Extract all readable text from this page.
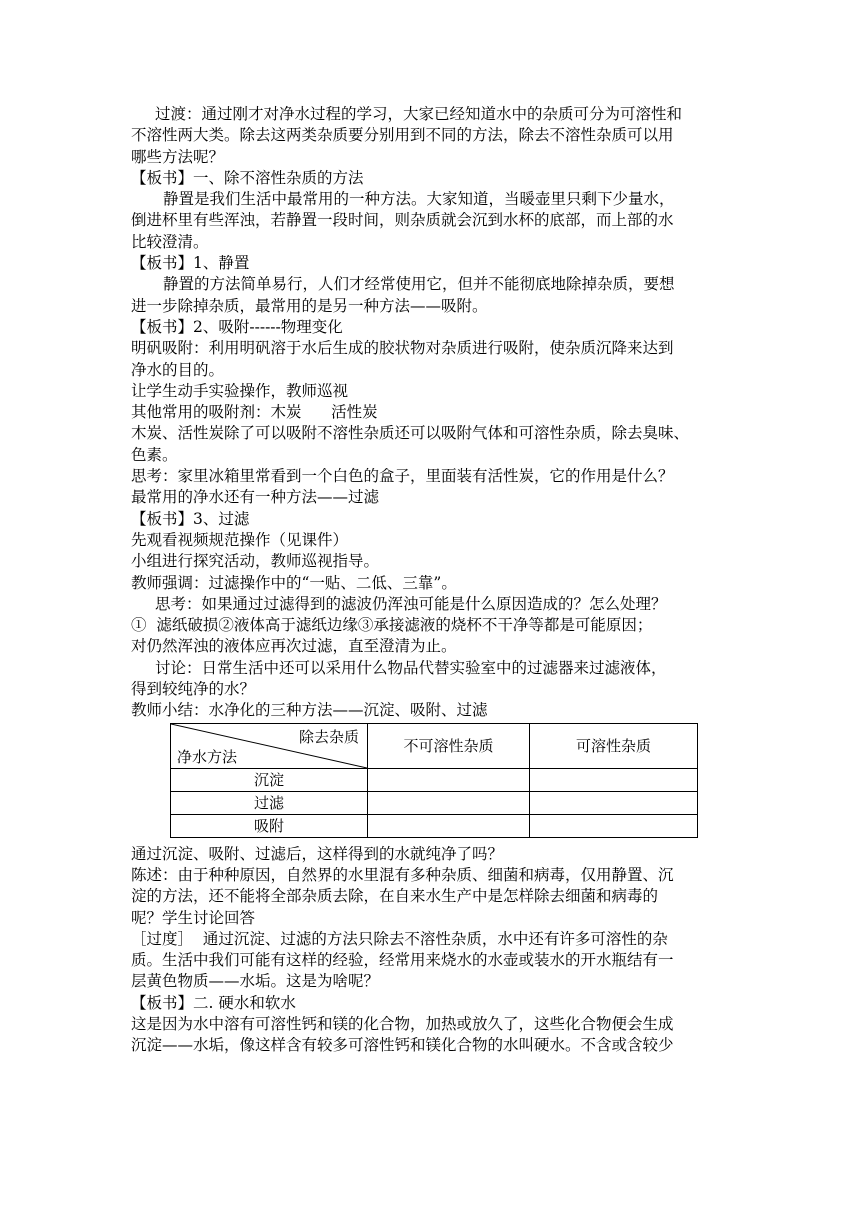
过渡：通过刚才对净水过程的学习，大家已经知道水中的杂质可分为可溶性和

不溶性两大类。除去这两类杂质要分别用到不同的方法，除去不溶性杂质可以用

哪些方法呢？

【板书】一、除不溶性杂质的方法

静置是我们生活中最常用的一种方法。大家知道，当暖壶里只剩下少量水，

倒进杯里有些浑浊，若静置一段时间，则杂质就会沉到水杯的底部，而上部的水

比较澄清。

【板书】1、静置

静置的方法简单易行，人们才经常使用它，但并不能彻底地除掉杂质，要想

进一步除掉杂质，最常用的是另一种方法——吸附。

【板书】2、吸附------物理变化

明矾吸附：利用明矾溶于水后生成的胶状物对杂质进行吸附，使杂质沉降来达到

净水的目的。

让学生动手实验操作，教师巡视

其他常用的吸附剂：木炭      活性炭

木炭、活性炭除了可以吸附不溶性杂质还可以吸附气体和可溶性杂质，除去臭味、

色素。

思考：家里冰箱里常看到一个白色的盒子，里面装有活性炭，它的作用是什么？

最常用的净水还有一种方法——过滤

【板书】3、过滤

先观看视频规范操作（见课件）

小组进行探究活动，教师巡视指导。

教师强调：过滤操作中的“一贴、二低、三靠”。

思考：如果通过过滤得到的滤波仍浑浊可能是什么原因造成的？怎么处理？

①  滤纸破损②液体高于滤纸边缘③承接滤液的烧杯不干净等都是可能原因；

对仍然浑浊的液体应再次过滤，直至澄清为止。

讨论：日常生活中还可以采用什么物品代替实验室中的过滤器来过滤液体，

得到较纯净的水？

教师小结：水净化的三种方法——沉淀、吸附、过滤

除去杂质
净水方法	不可溶性杂质	可溶性杂质
沉淀		
过滤		
吸附		

通过沉淀、吸附、过滤后，这样得到的水就纯净了吗？

陈述：由于种种原因，自然界的水里混有多种杂质、细菌和病毒，仅用静置、沉

淀的方法，还不能将全部杂质去除，在自来水生产中是怎样除去细菌和病毒的

呢？学生讨论回答

［过度］  通过沉淀、过滤的方法只除去不溶性杂质，水中还有许多可溶性的杂

质。生活中我们可能有这样的经验，经常用来烧水的水壶或装水的开水瓶结有一

层黄色物质——水垢。这是为啥呢？

【板书】二. 硬水和软水

这是因为水中溶有可溶性钙和镁的化合物，加热或放久了，这些化合物便会生成

沉淀——水垢，像这样含有较多可溶性钙和镁化合物的水叫硬水。不含或含较少
